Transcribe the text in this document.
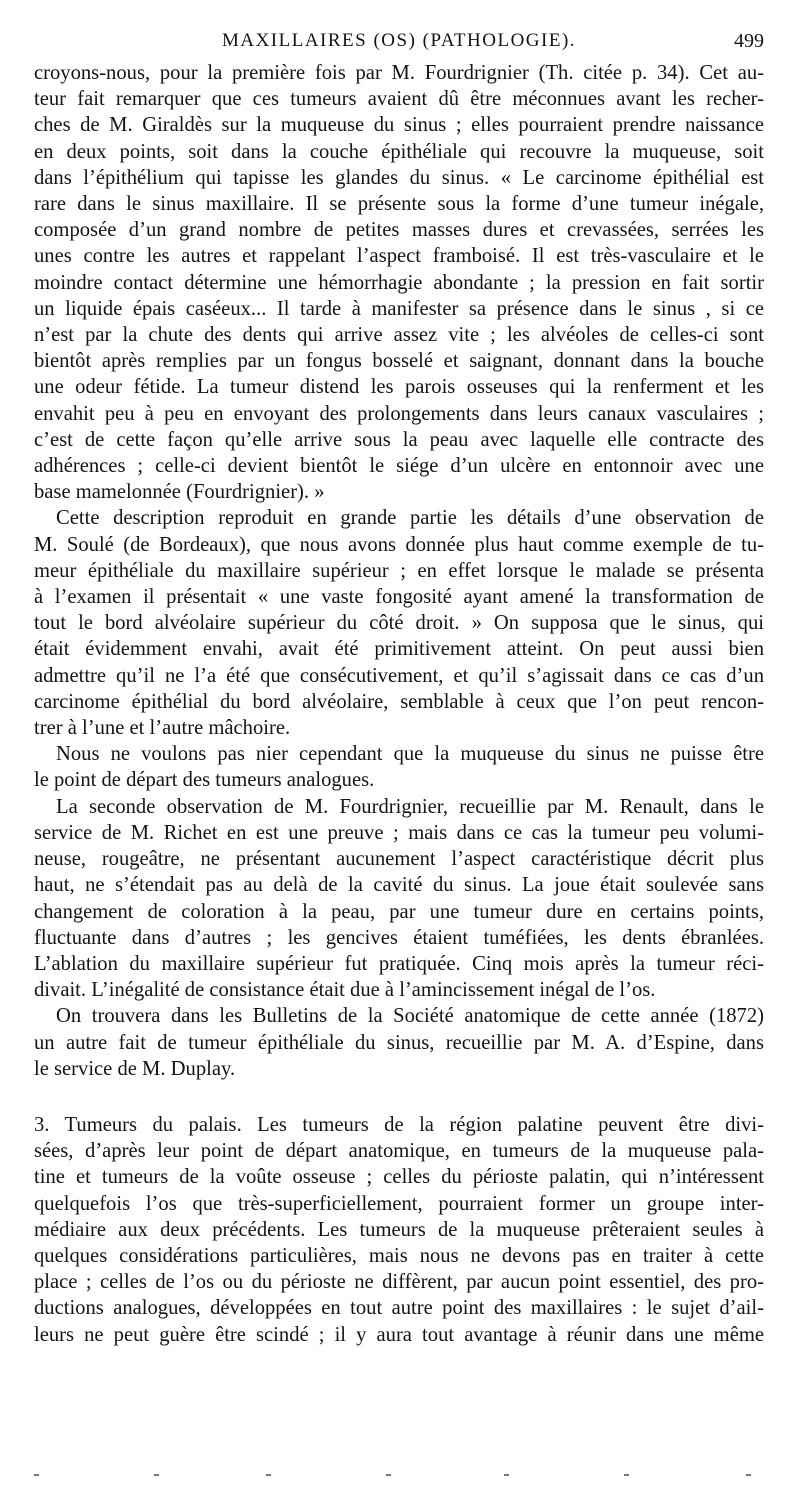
MAXILLAIRES (OS) (PATHOLOGIE).	499
croyons-nous, pour la première fois par M. Fourdrignier (Th. citée p. 34). Cet au-
teur fait remarquer que ces tumeurs avaient dû être méconnues avant les recher-
ches de M. Giraldès sur la muqueuse du sinus ; elles pourraient prendre naissance
en deux points, soit dans la couche épithéliale qui recouvre la muqueuse, soit
dans l’épithélium qui tapisse les glandes du sinus. « Le carcinome épithélial est
rare dans le sinus maxillaire. Il se présente sous la forme d’une tumeur inégale,
composée d’un grand nombre de petites masses dures et crevassées, serrées les
unes contre les autres et rappelant l’aspect framboisé. Il est très-vasculaire et le
moindre contact détermine une hémorrhagie abondante ; la pression en fait sortir
un liquide épais caséeux... Il tarde à manifester sa présence dans le sinus , si ce
n’est par la chute des dents qui arrive assez vite ; les alvéoles de celles-ci sont
bientôt après remplies par un fongus bosselé et saignant, donnant dans la bouche
une odeur fétide. La tumeur distend les parois osseuses qui la renferment et les
envahit peu à peu en envoyant des prolongements dans leurs canaux vasculaires ;
c’est de cette façon qu’elle arrive sous la peau avec laquelle elle contracte des
adhérences ; celle-ci devient bientôt le siége d’un ulcère en entonnoir avec une
base mamelonnée (Fourdrignier). »
Cette description reproduit en grande partie les détails d’une observation de
M. Soulé (de Bordeaux), que nous avons donnée plus haut comme exemple de tu-
meur épithéliale du maxillaire supérieur ; en effet lorsque le malade se présenta
à l’examen il présentait « une vaste fongosité ayant amené la transformation de
tout le bord alvéolaire supérieur du côté droit. » On supposa que le sinus, qui
était évidemment envahi, avait été primitivement atteint. On peut aussi bien
admettre qu’il ne l’a été que consécutivement, et qu’il s’agissait dans ce cas d’un
carcinome épithélial du bord alvéolaire, semblable à ceux que l’on peut rencon-
trer à l’une et l’autre mâchoire.
Nous ne voulons pas nier cependant que la muqueuse du sinus ne puisse être
le point de départ des tumeurs analogues.
La seconde observation de M. Fourdrignier, recueillie par M. Renault, dans le
service de M. Richet en est une preuve ; mais dans ce cas la tumeur peu volumi-
neuse, rougeâtre, ne présentant aucunement l’aspect caractéristique décrit plus
haut, ne s’étendait pas au delà de la cavité du sinus. La joue était soulevée sans
changement de coloration à la peau, par une tumeur dure en certains points,
fluctuante dans d’autres ; les gencives étaient tuméfiées, les dents ébranlées.
L’ablation du maxillaire supérieur fut pratiquée. Cinq mois après la tumeur réci-
divait. L’inégalité de consistance était due à l’amincissement inégal de l’os.
On trouvera dans les Bulletins de la Société anatomique de cette année (1872)
un autre fait de tumeur épithéliale du sinus, recueillie par M. A. d’Espine, dans
le service de M. Duplay.
3. Tumeurs du palais. Les tumeurs de la région palatine peuvent être divi-
sées, d’après leur point de départ anatomique, en tumeurs de la muqueuse pala-
tine et tumeurs de la voûte osseuse ; celles du périoste palatin, qui n’intéressent
quelquefois l’os que très-superficiellement, pourraient former un groupe inter-
médiaire aux deux précédents. Les tumeurs de la muqueuse prêteraient seules à
quelques considérations particulières, mais nous ne devons pas en traiter à cette
place ; celles de l’os ou du périoste ne diffèrent, par aucun point essentiel, des pro-
ductions analogues, développées en tout autre point des maxillaires : le sujet d’ail-
leurs ne peut guère être scindé ; il y aura tout avantage à réunir dans une même
